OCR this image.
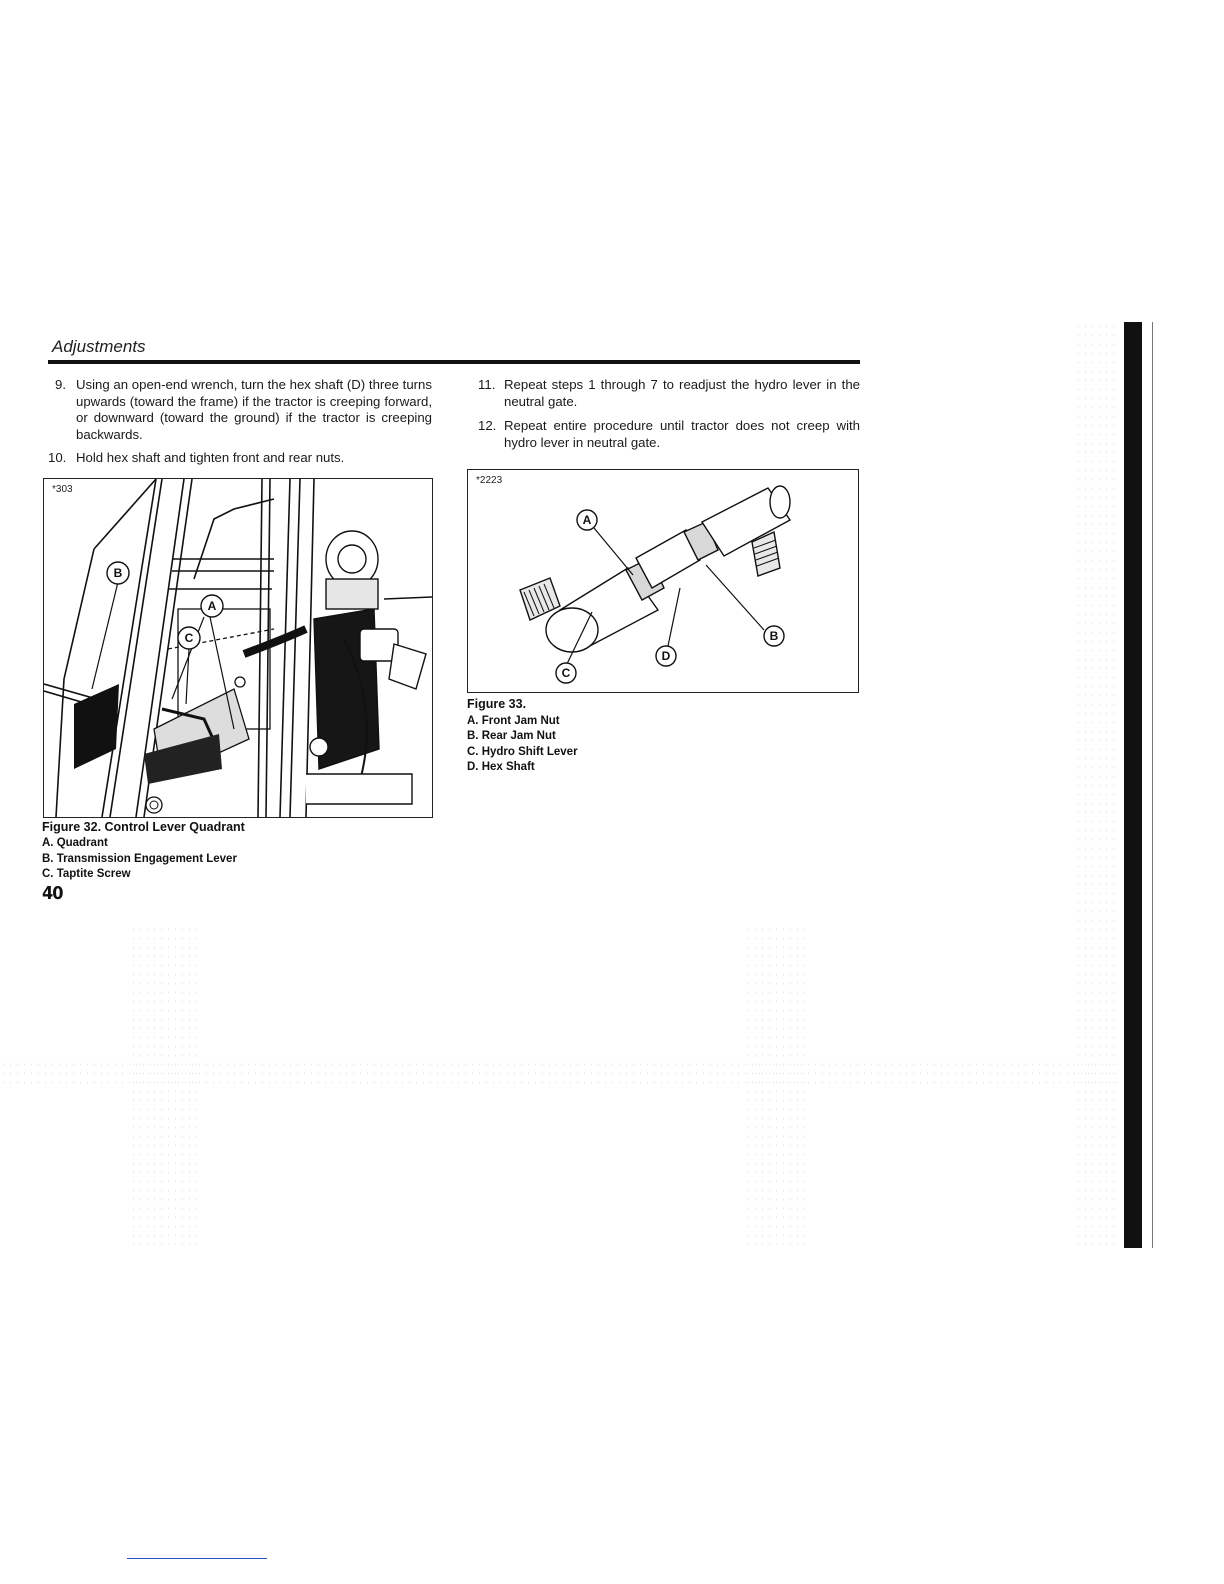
Adjustments
9. Using an open-end wrench, turn the hex shaft (D) three turns upwards (toward the frame) if the tractor is creeping forward, or downward (toward the ground) if the tractor is creeping backwards.
10. Hold hex shaft and tighten front and rear nuts.
11. Repeat steps 1 through 7 to readjust the hydro lever in the neutral gate.
12. Repeat entire procedure until tractor does not creep with hydro lever in neutral gate.
*303
B
A
C
Figure 32. Control Lever Quadrant
A. Quadrant
B. Transmission Engagement Lever
C. Taptite Screw
40
*2223
A
B
C
D
Figure 33.
A. Front Jam Nut
B. Rear Jam Nut
C. Hydro Shift Lever
D. Hex Shaft
